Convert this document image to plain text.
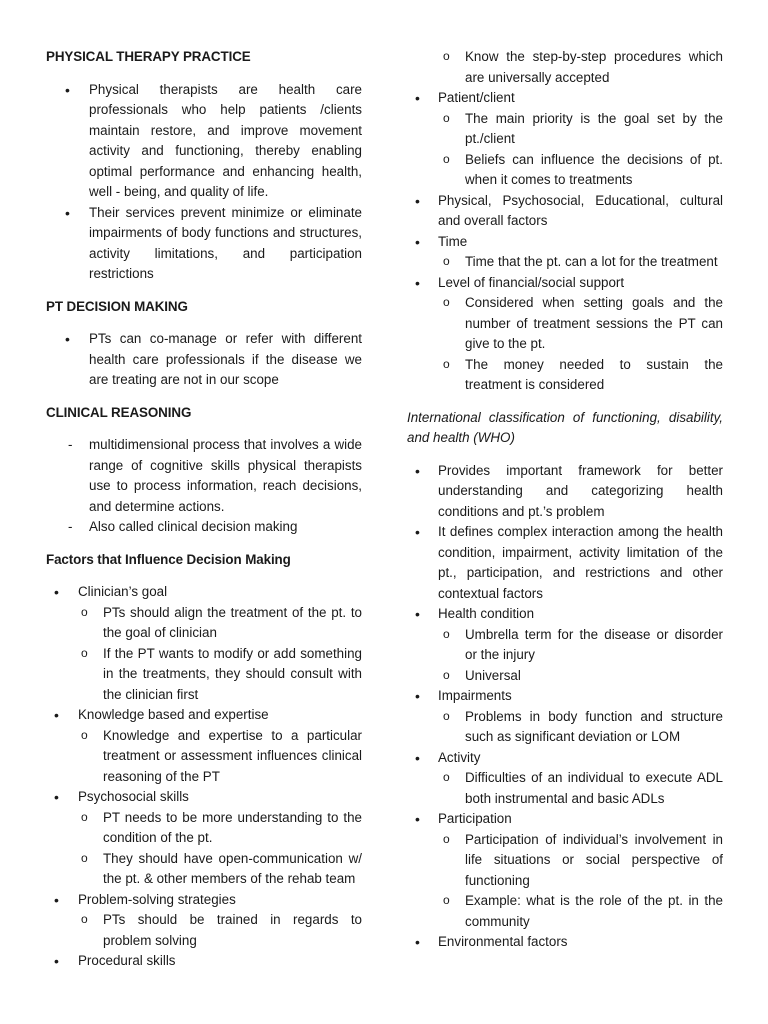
PHYSICAL THERAPY PRACTICE
• Physical therapists are health care professionals who help patients /clients maintain restore, and improve movement activity and functioning, thereby enabling optimal performance and enhancing health, well - being, and quality of life.
• Their services prevent minimize or eliminate impairments of body functions and structures, activity limitations, and participation restrictions
PT DECISION MAKING
• PTs can co-manage or refer with different health care professionals if the disease we are treating are not in our scope
CLINICAL REASONING
- multidimensional process that involves a wide range of cognitive skills physical therapists use to process information, reach decisions, and determine actions.
- Also called clinical decision making
Factors that Influence Decision Making
• Clinician’s goal
o PTs should align the treatment of the pt. to the goal of clinician
o If the PT wants to modify or add something in the treatments, they should consult with the clinician first
• Knowledge based and expertise
o Knowledge and expertise to a particular treatment or assessment influences clinical reasoning of the PT
• Psychosocial skills
o PT needs to be more understanding to the condition of the pt.
o They should have open-communication w/ the pt. & other members of the rehab team
• Problem-solving strategies
o PTs should be trained in regards to problem solving
• Procedural skills
o Know the step-by-step procedures which are universally accepted
• Patient/client
o The main priority is the goal set by the pt./client
o Beliefs can influence the decisions of pt. when it comes to treatments
• Physical, Psychosocial, Educational, cultural and overall factors
• Time
o Time that the pt. can a lot for the treatment
• Level of financial/social support
o Considered when setting goals and the number of treatment sessions the PT can give to the pt.
o The money needed to sustain the treatment is considered
International classification of functioning, disability, and health (WHO)
• Provides important framework for better understanding and categorizing health conditions and pt.’s problem
• It defines complex interaction among the health condition, impairment, activity limitation of the pt., participation, and restrictions and other contextual factors
• Health condition
o Umbrella term for the disease or disorder or the injury
o Universal
• Impairments
o Problems in body function and structure such as significant deviation or LOM
• Activity
o Difficulties of an individual to execute ADL both instrumental and basic ADLs
• Participation
o Participation of individual’s involvement in life situations or social perspective of functioning
o Example: what is the role of the pt. in the community
• Environmental factors
